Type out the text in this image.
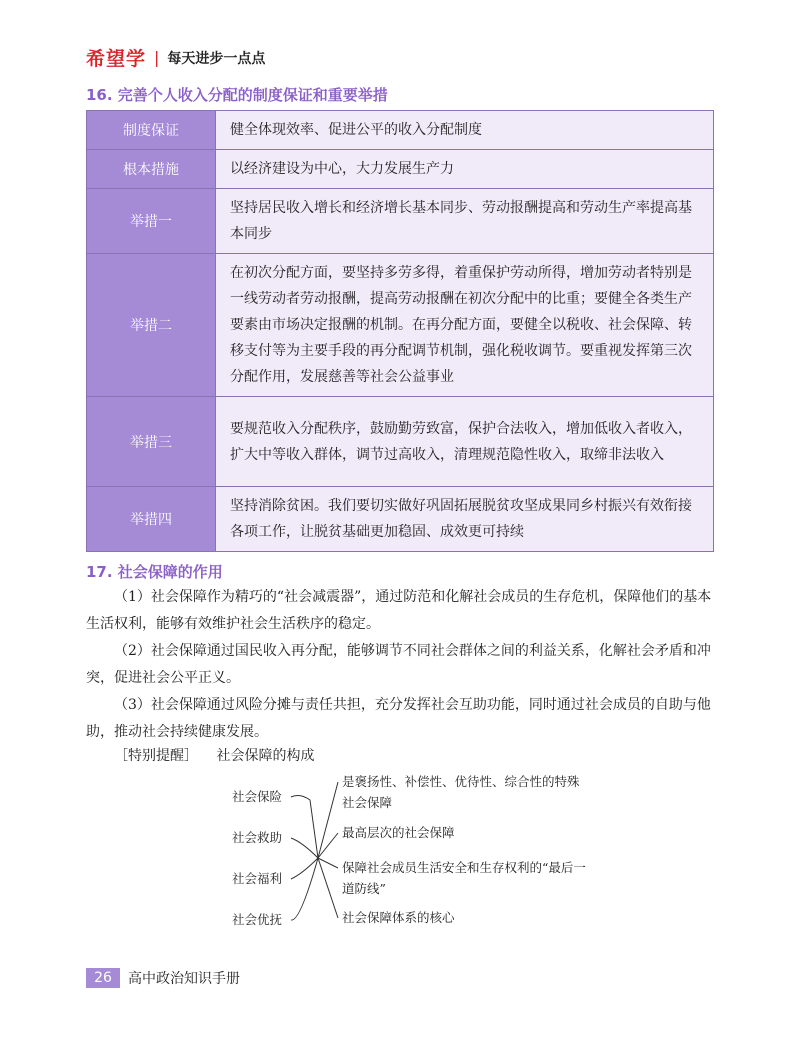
希望学 | 每天进步一点点
16. 完善个人收入分配的制度保证和重要举措
制度保证	健全体现效率、促进公平的收入分配制度
根本措施	以经济建设为中心，大力发展生产力
举措一	坚持居民收入增长和经济增长基本同步、劳动报酬提高和劳动生产率提高基本同步
举措二	在初次分配方面，要坚持多劳多得，着重保护劳动所得，增加劳动者特别是一线劳动者劳动报酬，提高劳动报酬在初次分配中的比重；要健全各类生产要素由市场决定报酬的机制。在再分配方面，要健全以税收、社会保障、转移支付等为主要手段的再分配调节机制，强化税收调节。要重视发挥第三次分配作用，发展慈善等社会公益事业
举措三	要规范收入分配秩序，鼓励勤劳致富，保护合法收入，增加低收入者收入，扩大中等收入群体，调节过高收入，清理规范隐性收入，取缔非法收入
举措四	坚持消除贫困。我们要切实做好巩固拓展脱贫攻坚成果同乡村振兴有效衔接各项工作，让脱贫基础更加稳固、成效更可持续
17. 社会保障的作用

（1）社会保障作为精巧的“社会减震器”，通过防范和化解社会成员的生存危机，保障他们的基本生活权利，能够有效维护社会生活秩序的稳定。

（2）社会保障通过国民收入再分配，能够调节不同社会群体之间的利益关系，化解社会矛盾和冲突，促进社会公平正义。

（3）社会保障通过风险分摊与责任共担，充分发挥社会互助功能，同时通过社会成员的自助与他助，推动社会持续健康发展。

［特别提醒］ 社会保障的构成
社会保险
社会救助
社会福利
社会优抚
是褒扬性、补偿性、优待性、综合性的特殊
社会保障
最高层次的社会保障
保障社会成员生活安全和生存权利的“最后一
道防线”
社会保障体系的核心
26	高中政治知识手册
